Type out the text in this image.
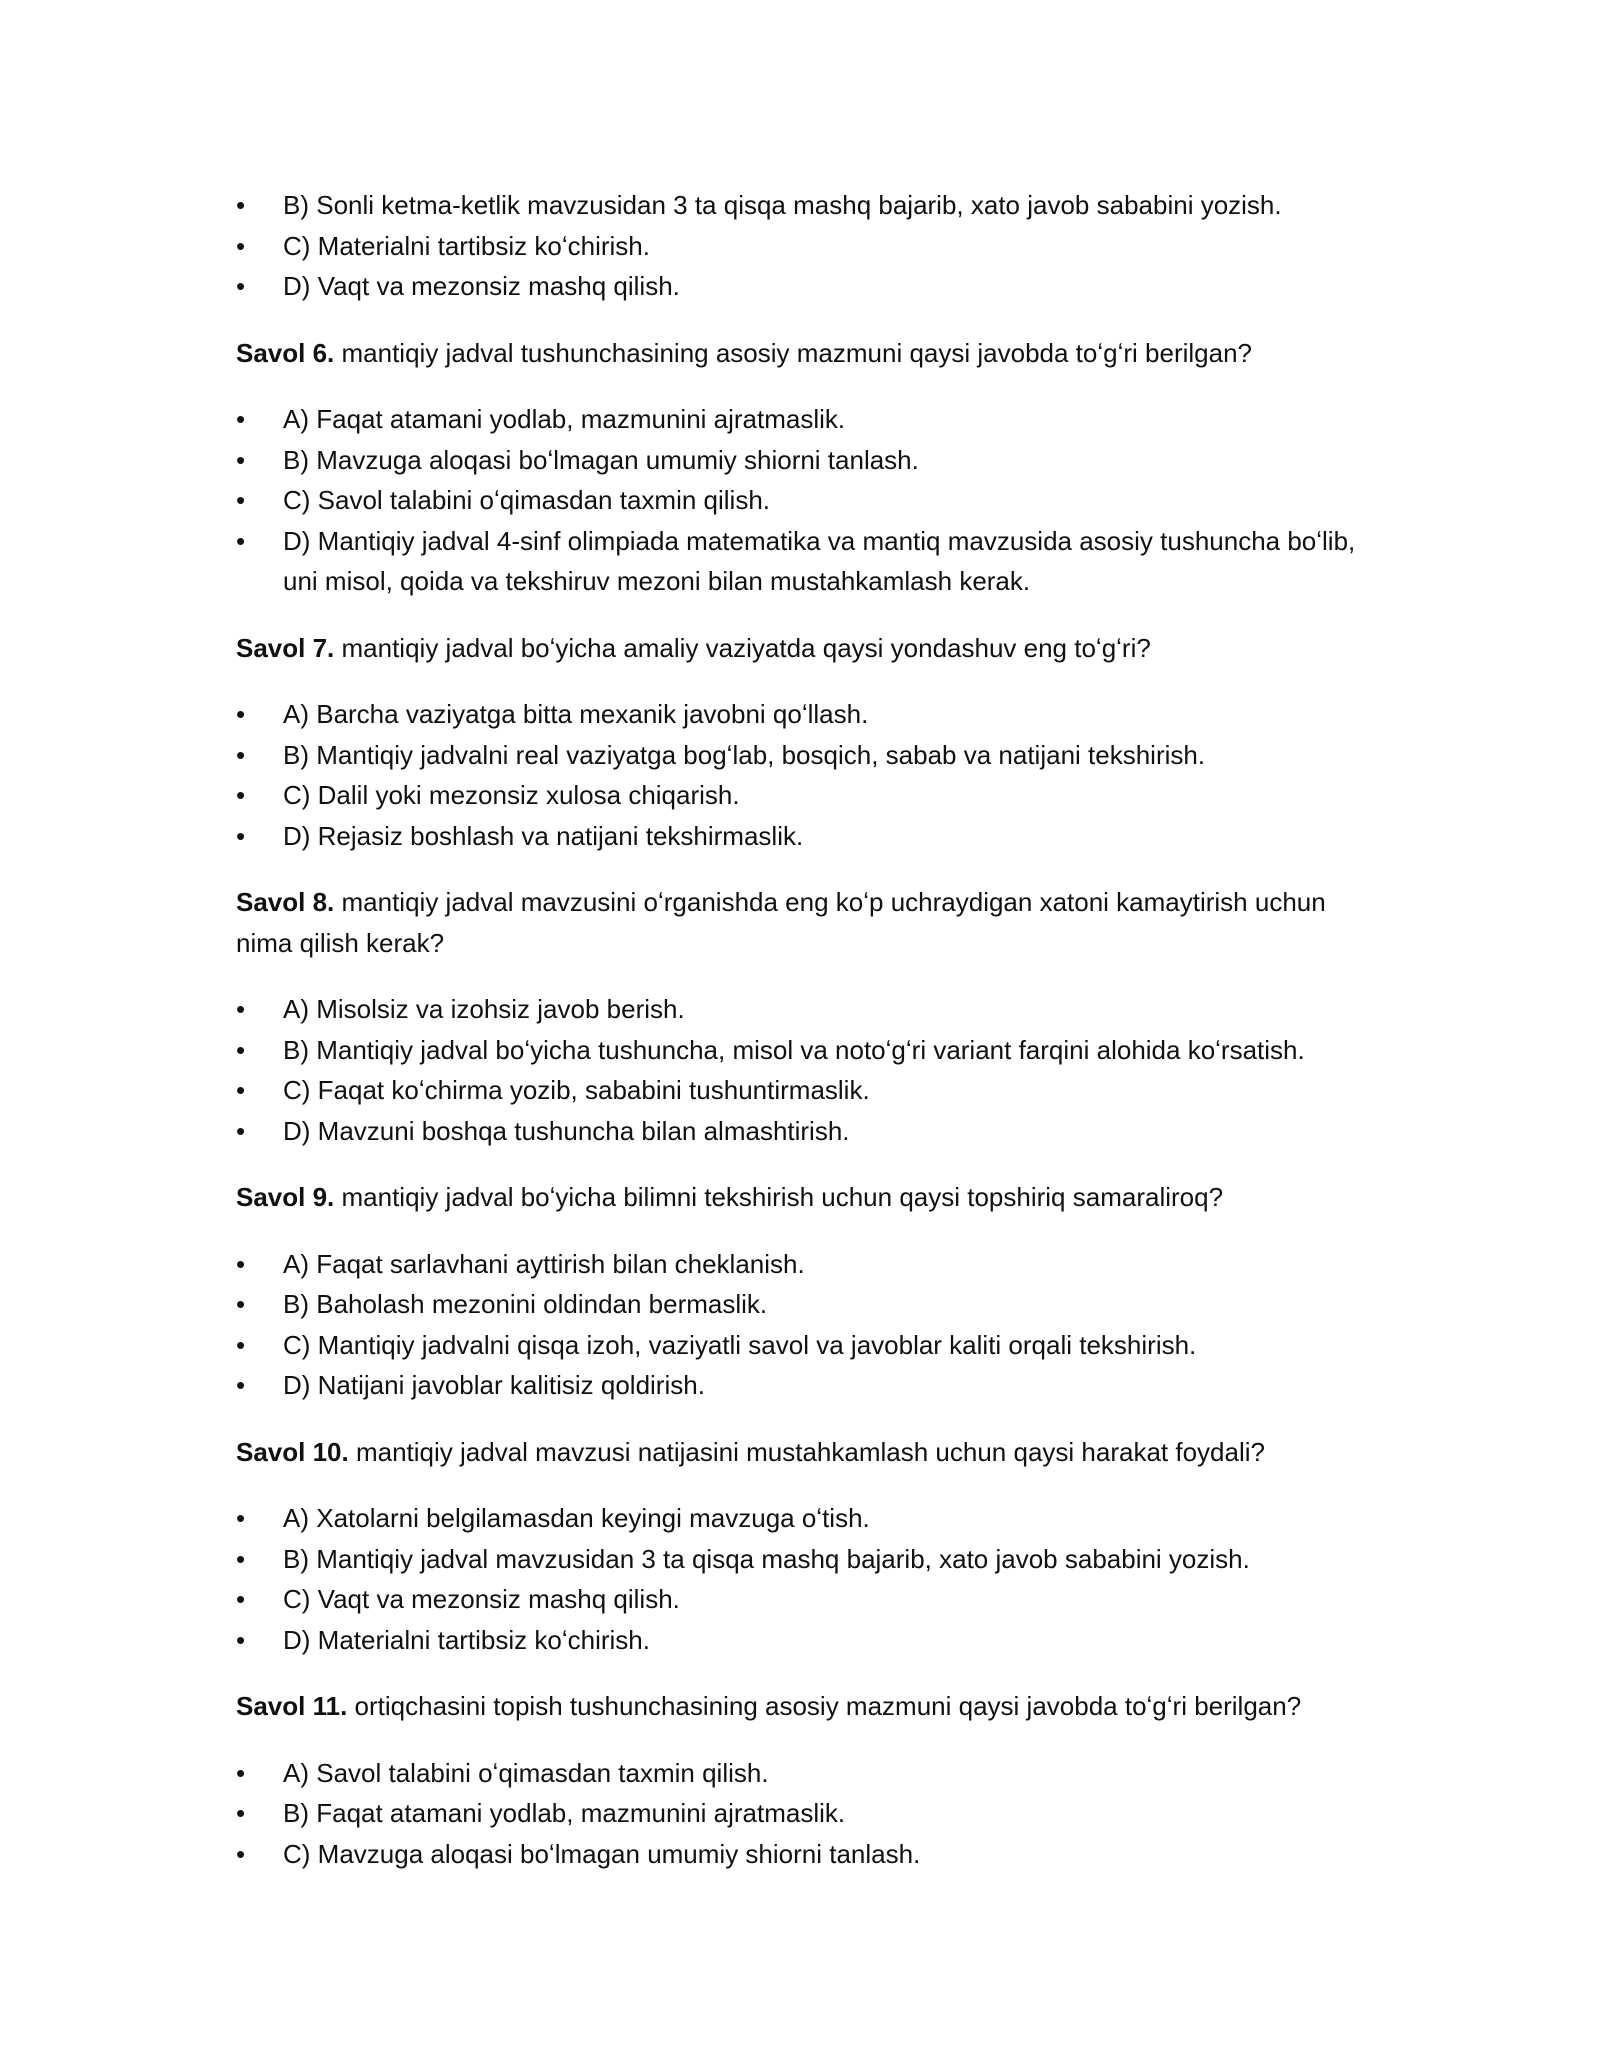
•	B) Sonli ketma-ketlik mavzusidan 3 ta qisqa mashq bajarib, xato javob sababini yozish.
•	C) Materialni tartibsiz koʻchirish.
•	D) Vaqt va mezonsiz mashq qilish.

Savol 6. mantiqiy jadval tushunchasining asosiy mazmuni qaysi javobda toʻgʻri berilgan?

•	A) Faqat atamani yodlab, mazmunini ajratmaslik.
•	B) Mavzuga aloqasi boʻlmagan umumiy shiorni tanlash.
•	C) Savol talabini oʻqimasdan taxmin qilish.
•	D) Mantiqiy jadval 4-sinf olimpiada matematika va mantiq mavzusida asosiy tushuncha boʻlib, uni misol, qoida va tekshiruv mezoni bilan mustahkamlash kerak.

Savol 7. mantiqiy jadval boʻyicha amaliy vaziyatda qaysi yondashuv eng toʻgʻri?

•	A) Barcha vaziyatga bitta mexanik javobni qoʻllash.
•	B) Mantiqiy jadvalni real vaziyatga bogʻlab, bosqich, sabab va natijani tekshirish.
•	C) Dalil yoki mezonsiz xulosa chiqarish.
•	D) Rejasiz boshlash va natijani tekshirmaslik.

Savol 8. mantiqiy jadval mavzusini oʻrganishda eng koʻp uchraydigan xatoni kamaytirish uchun nima qilish kerak?

•	A) Misolsiz va izohsiz javob berish.
•	B) Mantiqiy jadval boʻyicha tushuncha, misol va notoʻgʻri variant farqini alohida koʻrsatish.
•	C) Faqat koʻchirma yozib, sababini tushuntirmaslik.
•	D) Mavzuni boshqa tushuncha bilan almashtirish.

Savol 9. mantiqiy jadval boʻyicha bilimni tekshirish uchun qaysi topshiriq samaraliroq?

•	A) Faqat sarlavhani ayttirish bilan cheklanish.
•	B) Baholash mezonini oldindan bermaslik.
•	C) Mantiqiy jadvalni qisqa izoh, vaziyatli savol va javoblar kaliti orqali tekshirish.
•	D) Natijani javoblar kalitisiz qoldirish.

Savol 10. mantiqiy jadval mavzusi natijasini mustahkamlash uchun qaysi harakat foydali?

•	A) Xatolarni belgilamasdan keyingi mavzuga oʻtish.
•	B) Mantiqiy jadval mavzusidan 3 ta qisqa mashq bajarib, xato javob sababini yozish.
•	C) Vaqt va mezonsiz mashq qilish.
•	D) Materialni tartibsiz koʻchirish.

Savol 11. ortiqchasini topish tushunchasining asosiy mazmuni qaysi javobda toʻgʻri berilgan?

•	A) Savol talabini oʻqimasdan taxmin qilish.
•	B) Faqat atamani yodlab, mazmunini ajratmaslik.
•	C) Mavzuga aloqasi boʻlmagan umumiy shiorni tanlash.
